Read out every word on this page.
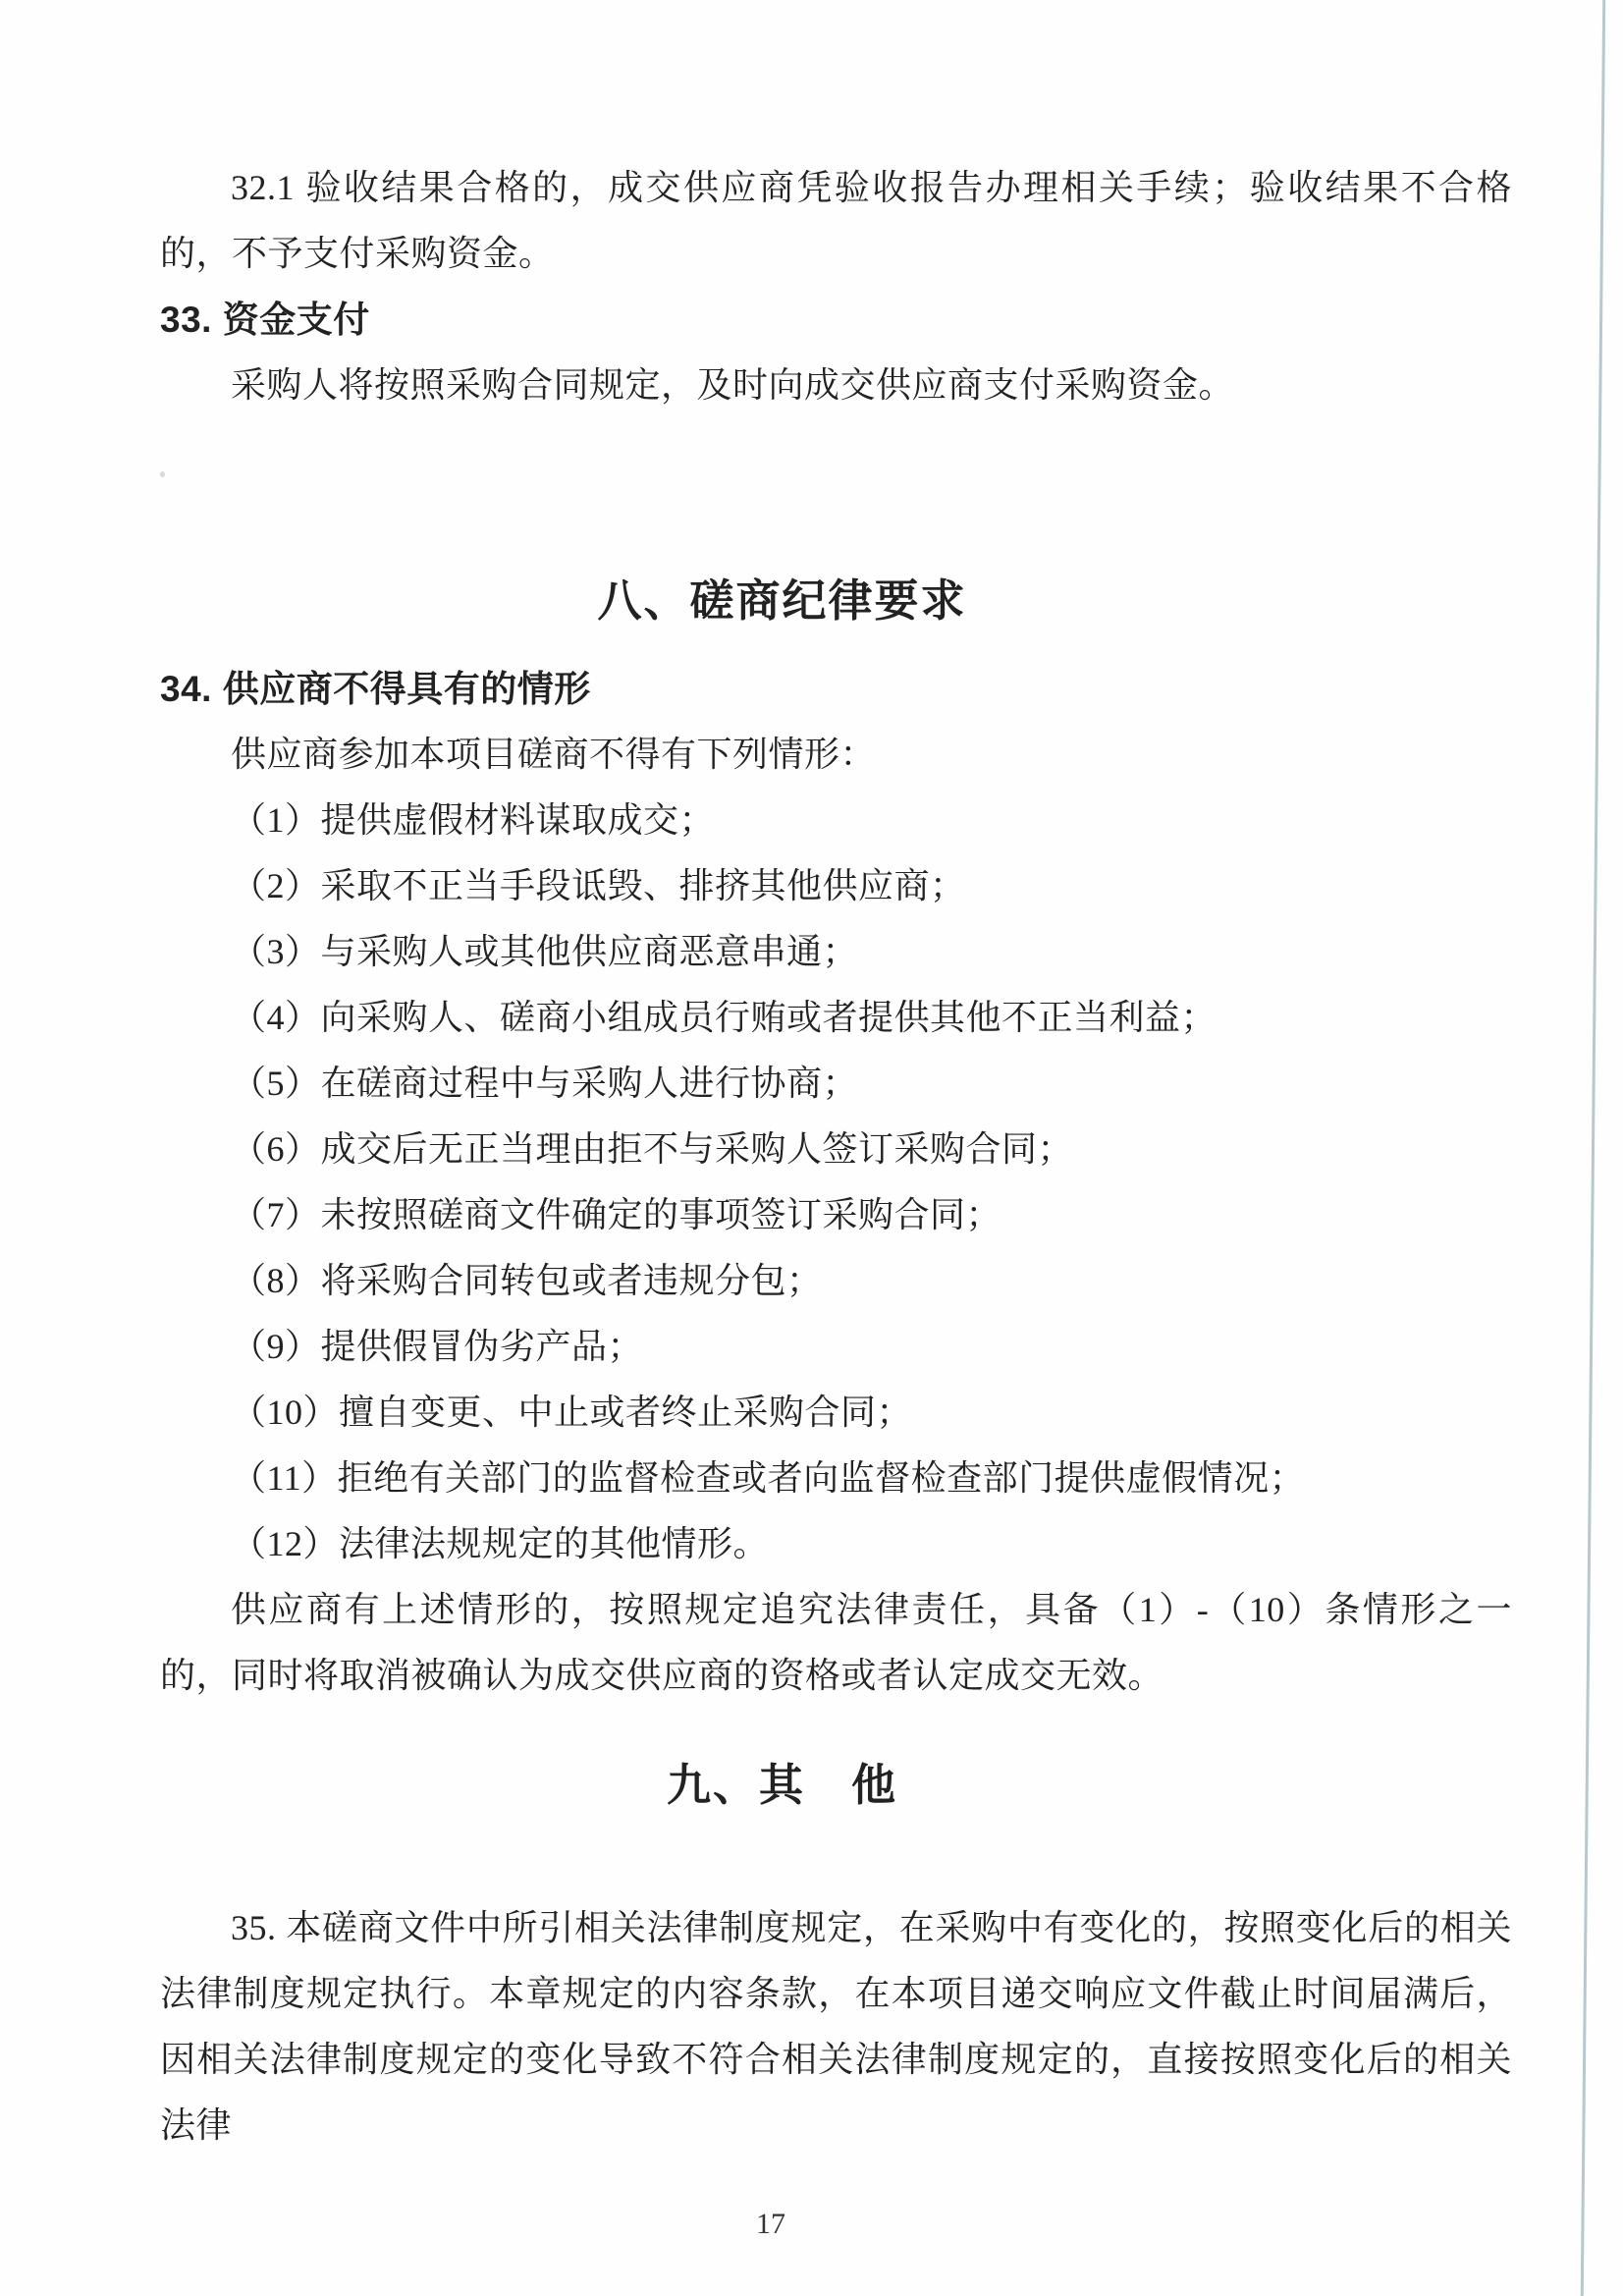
32.1 验收结果合格的，成交供应商凭验收报告办理相关手续；验收结果不合格的，不予支付采购资金。

33. 资金支付

采购人将按照采购合同规定，及时向成交供应商支付采购资金。

八、磋商纪律要求
34. 供应商不得具有的情形

供应商参加本项目磋商不得有下列情形：

（1）提供虚假材料谋取成交；
（2）采取不正当手段诋毁、排挤其他供应商；
（3）与采购人或其他供应商恶意串通；
（4）向采购人、磋商小组成员行贿或者提供其他不正当利益；
（5）在磋商过程中与采购人进行协商；
（6）成交后无正当理由拒不与采购人签订采购合同；
（7）未按照磋商文件确定的事项签订采购合同；
（8）将采购合同转包或者违规分包；
（9）提供假冒伪劣产品；
（10）擅自变更、中止或者终止采购合同；
（11）拒绝有关部门的监督检查或者向监督检查部门提供虚假情况；
（12）法律法规规定的其他情形。

供应商有上述情形的，按照规定追究法律责任，具备（1）-（10）条情形之一的，同时将取消被确认为成交供应商的资格或者认定成交无效。

九、其　他

35. 本磋商文件中所引相关法律制度规定，在采购中有变化的，按照变化后的相关法律制度规定执行。本章规定的内容条款，在本项目递交响应文件截止时间届满后，因相关法律制度规定的变化导致不符合相关法律制度规定的，直接按照变化后的相关法律

17
